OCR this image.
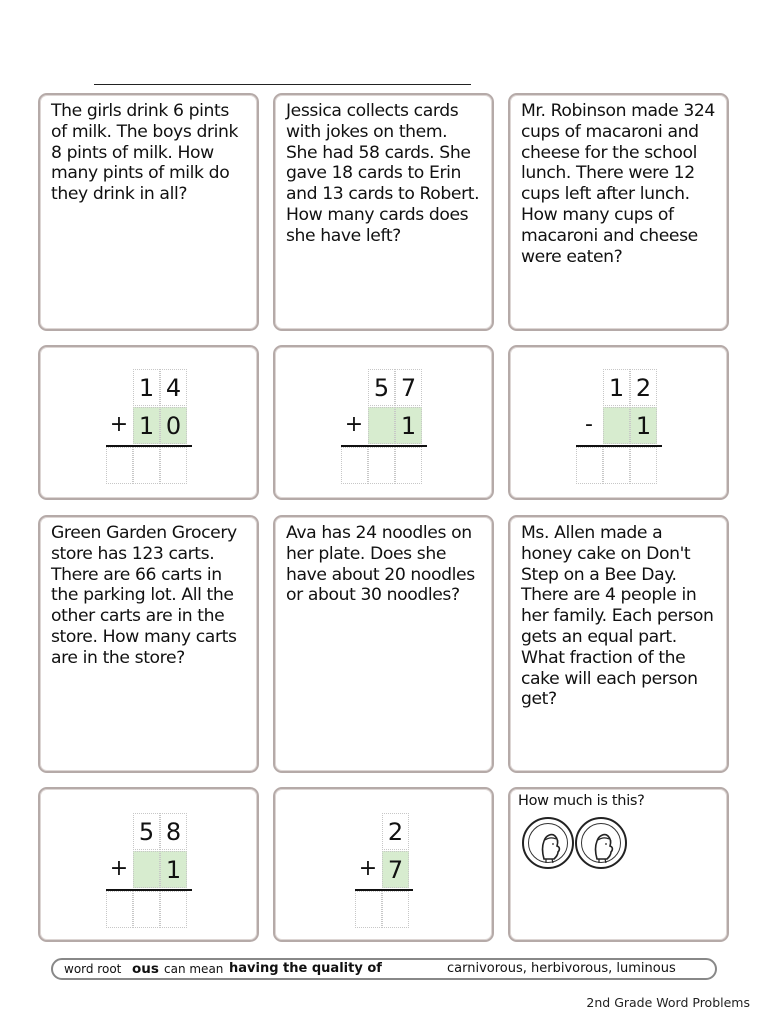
The girls drink 6 pints of milk. The boys drink 8 pints of milk. How many pints of milk do they drink in all?
Jessica collects cards with jokes on them. She had 58 cards. She gave 18 cards to Erin and 13 cards to Robert. How many cards does she have left?
Mr. Robinson made 324 cups of macaroni and cheese for the school lunch. There were 12 cups left after lunch. How many cups of macaroni and cheese were eaten?
1 4
+ 1 0
5 7
+ 1
1 2
- 1
Green Garden Grocery store has 123 carts. There are 66 carts in the parking lot. All the other carts are in the store. How many carts are in the store?
Ava has 24 noodles on her plate. Does she have about 20 noodles or about 30 noodles?
Ms. Allen made a honey cake on Don't Step on a Bee Day. There are 4 people in her family. Each person gets an equal part. What fraction of the cake will each person get?
5 8
+ 1
2
+ 7
How much is this?
word root ous can mean having the quality of	carnivorous, herbivorous, luminous
2nd Grade Word Problems
